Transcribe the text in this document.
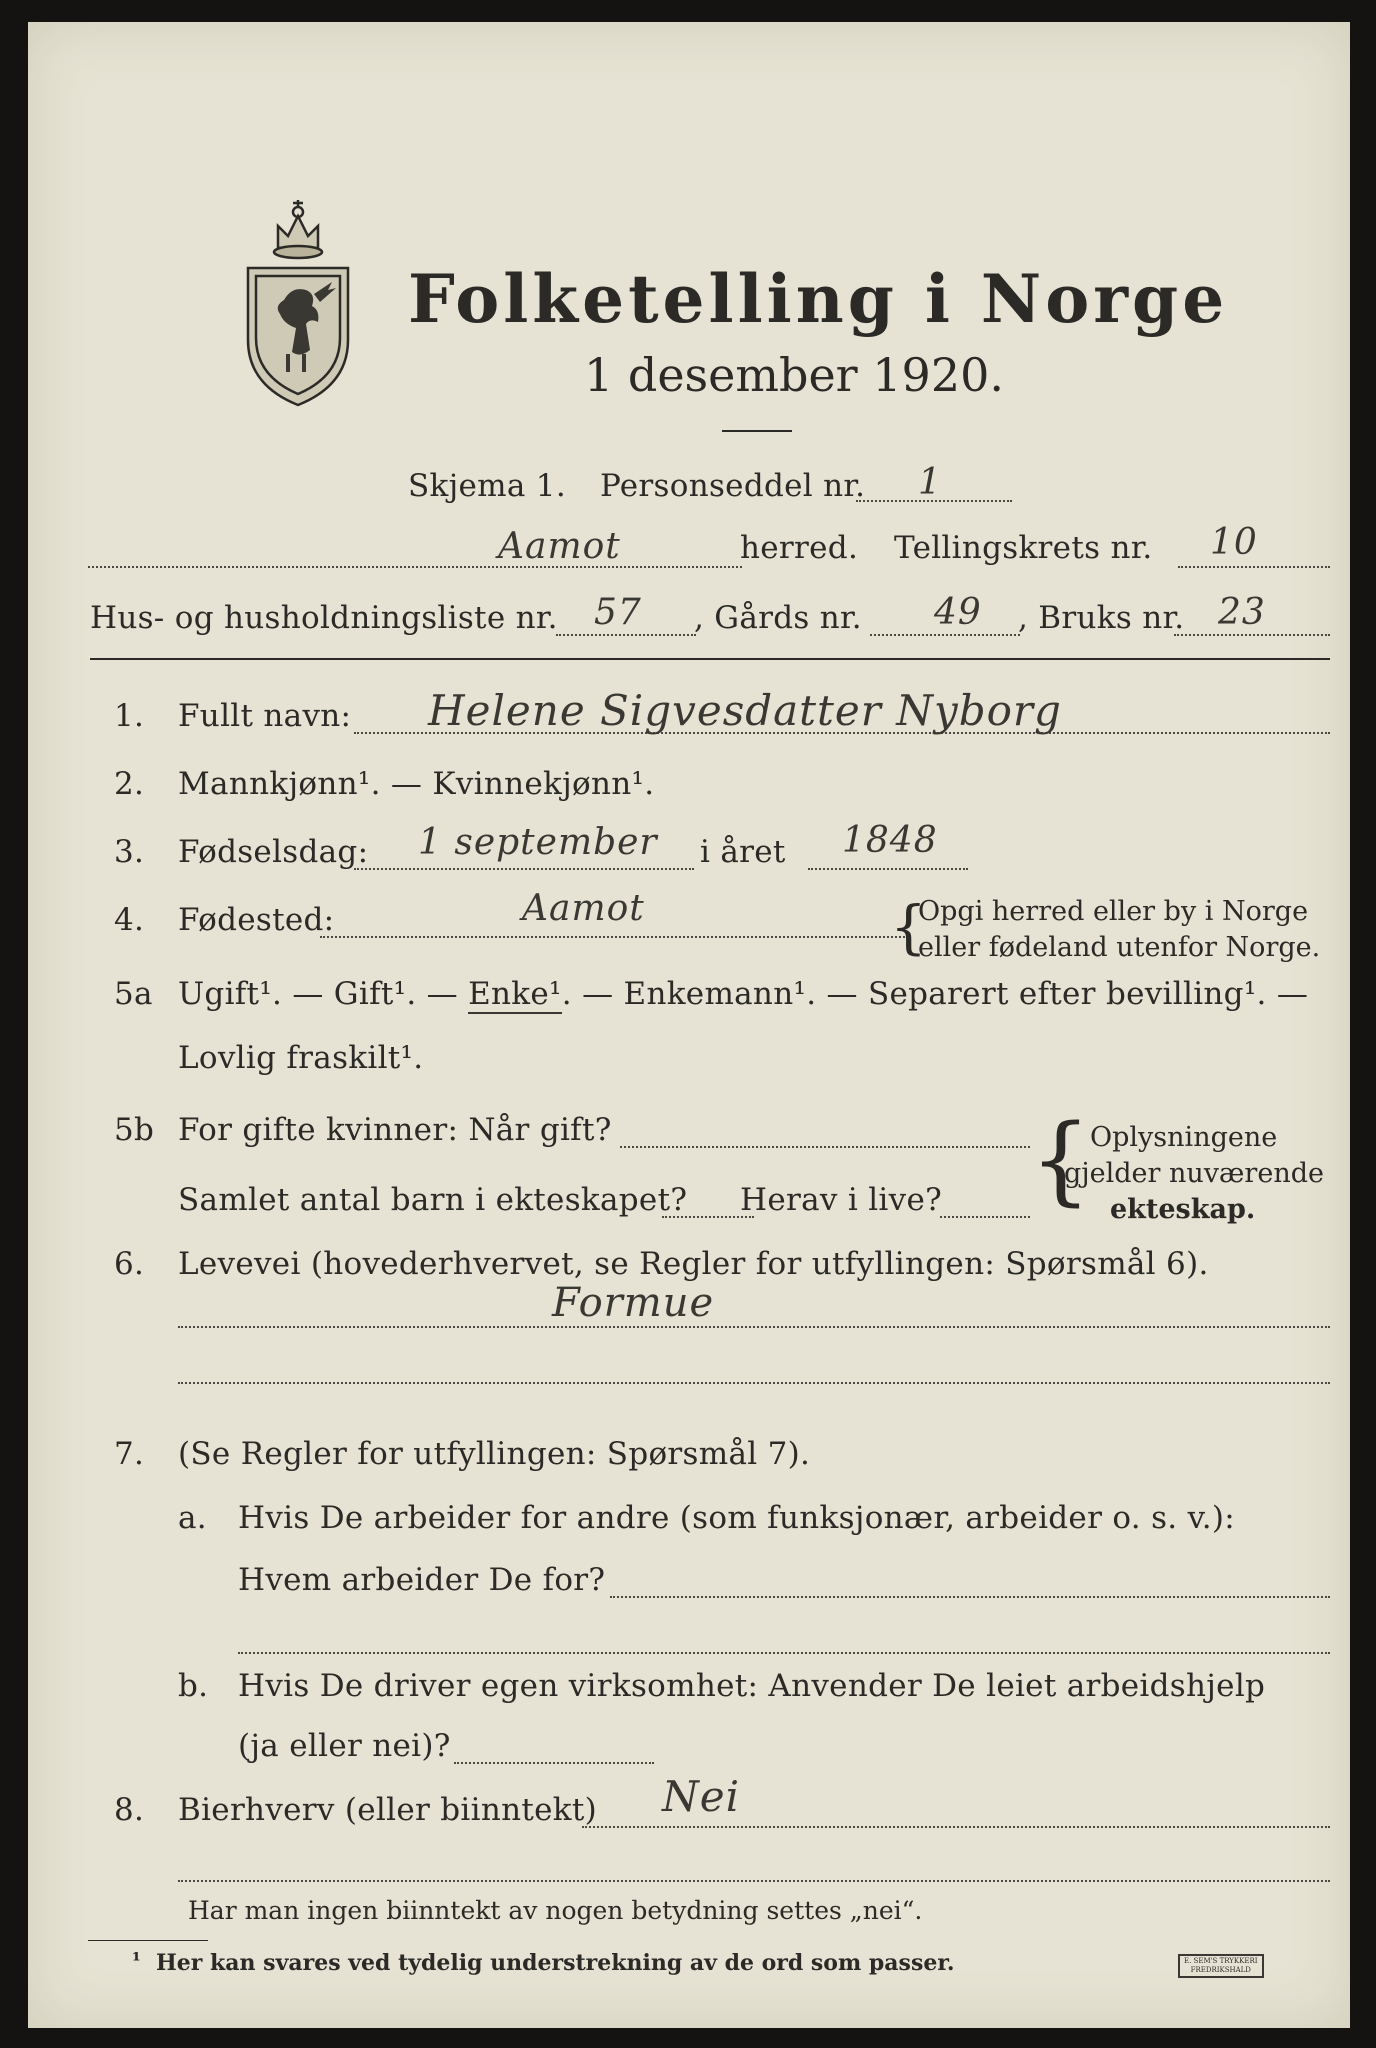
Folketelling i Norge
1 desember 1920.
Skjema 1. Personseddel nr. 1
Aamot	herred. Tellingskrets nr. 10
Hus- og husholdningsliste nr. 57 , Gårds nr. 49 , Bruks nr. 23
1. Fullt navn: Helene Sigvesdatter Nyborg
2. Mannkjønn¹. — Kvinnekjønn¹.
3. Fødselsdag: 1 september i året 1848
4. Fødested:	Aamot	{
Opgi herred eller by i Norge
eller fødeland utenfor Norge.
5a Ugift¹. — Gift¹. — Enke¹. — Enkemann¹. — Separert efter bevilling¹. —
Lovlig fraskilt¹.
5b For gifte kvinner: Når gift?
Samlet antal barn i ekteskapet? Herav i live? {
Oplysningene
gjelder nuværende
ekteskap.
6. Levevei (hovederhvervet, se Regler for utfyllingen: Spørsmål 6).
Formue
7. (Se Regler for utfyllingen: Spørsmål 7).
a. Hvis De arbeider for andre (som funksjonær, arbeider o. s. v.):
Hvem arbeider De for?
b. Hvis De driver egen virksomhet: Anvender De leiet arbeidshjelp
(ja eller nei)?
8. Bierhverv (eller biinntekt) Nei
Har man ingen biinntekt av nogen betydning settes „nei“.
¹ Her kan svares ved tydelig understrekning av de ord som passer.	E. SEM'S TRYKKERI
FREDRIKSHALD
